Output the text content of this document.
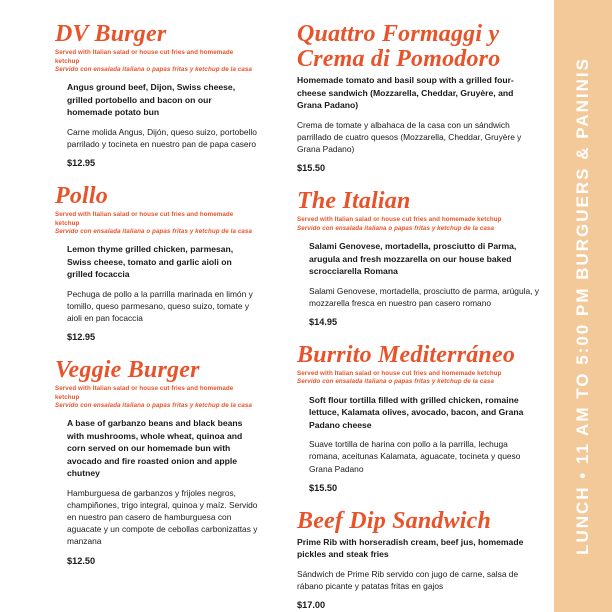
DV Burger

Served with Italian salad or house cut fries and homemade ketchup

Servido con ensalada italiana o papas fritas y ketchup de la casa

Angus ground beef, Dijon, Swiss cheese, grilled portobello and bacon on our homemade potato bun

Carne molida Angus, Dijón, queso suizo, portobello parrilado y tocineta en nuestro pan de papa casero

$12.95

Pollo

Served with Italian salad or house cut fries and homemade ketchup

Servido con ensalada italiana o papas fritas y ketchup de la casa

Lemon thyme grilled chicken, parmesan, Swiss cheese, tomato and garlic aioli on grilled focaccia

Pechuga de pollo a la parrilla marinada en limón y tomillo, queso parmesano, queso suizo, tomate y aioli en pan focaccia

$12.95

Veggie Burger

Served with Italian salad or house cut fries and homemade ketchup

Servido con ensalada italiana o papas fritas y ketchup de la casa

A base of garbanzo beans and black beans with mushrooms, whole wheat, quinoa and corn served on our homemade bun with avocado and fire roasted onion and apple chutney

Hamburguesa de garbanzos y frijoles negros, champiñones, trigo integral, quinoa y maíz. Servido en nuestro pan casero de hamburguesa con aguacate y un compote de cebollas carbonizattas y manzana

$12.50

Quattro Formaggi y Crema di Pomodoro

Homemade tomato and basil soup with a grilled four-cheese sandwich (Mozzarella, Cheddar, Gruyère, and Grana Padano)

Crema de tomate y albahaca de la casa con un sándwich parrillado de cuatro quesos (Mozzarella, Cheddar, Gruyère y Grana Padano)

$15.50

The Italian

Served with Italian salad or house cut fries and homemade ketchup

Servido con ensalada italiana o papas fritas y ketchup de la casa

Salami Genovese, mortadella, prosciutto di Parma, arugula and fresh mozzarella on our house baked scrocciarella Romana

Salami Genovese, mortadella, prosciutto de parma, arúgula, y mozzarella fresca en nuestro pan casero romano

$14.95

Burrito Mediterráneo

Served with Italian salad or house cut fries and homemade ketchup

Servido con ensalada italiana o papas fritas y ketchup de la casa

Soft flour tortilla filled with grilled chicken, romaine lettuce, Kalamata olives, avocado, bacon, and Grana Padano cheese

Suave tortilla de harina con pollo a la parrilla, lechuga romana, aceitunas Kalamata, aguacate, tocineta y queso Grana Padano

$15.50

Beef Dip Sandwich

Prime Rib with horseradish cream, beef jus, homemade pickles and steak fries

Sándwich de Prime Rib servido con jugo de carne, salsa de rábano picante y patatas fritas en gajos

$17.00

LUNCH • 11 AM TO 5:00 PM BURGUERS & PANINIS
